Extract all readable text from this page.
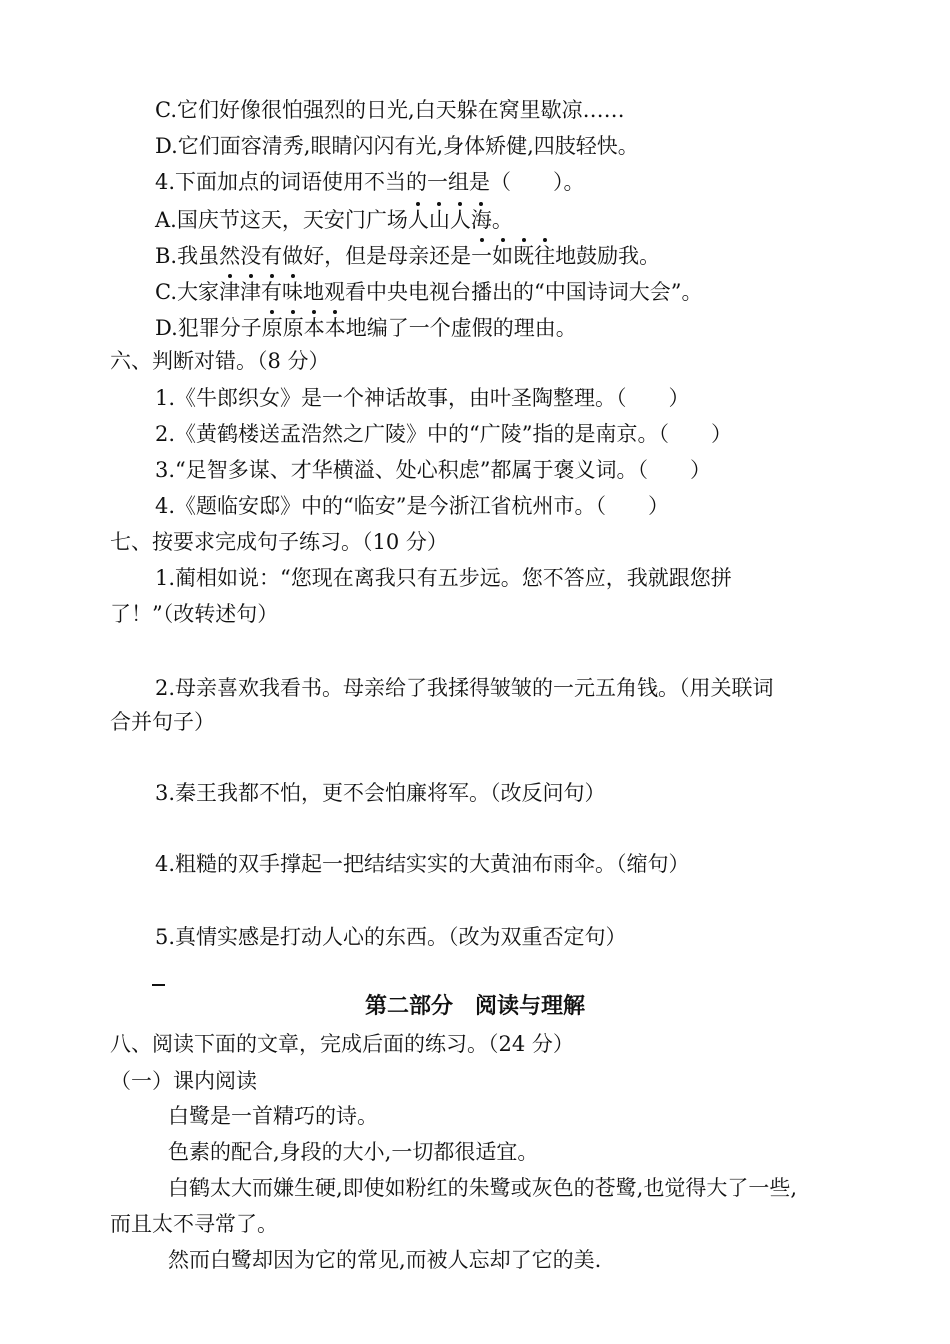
C.它们好像很怕强烈的日光,白天躲在窝里歇凉……
D.它们面容清秀,眼睛闪闪有光,身体矫健,四肢轻快。
4.下面加点的词语使用不当的一组是（　　）。
A.国庆节这天，天安门广场人山人海。
B.我虽然没有做好，但是母亲还是一如既往地鼓励我。
C.大家津津有味地观看中央电视台播出的“中国诗词大会”。
D.犯罪分子原原本本地编了一个虚假的理由。
六、判断对错。（8 分）
1.《牛郎织女》是一个神话故事，由叶圣陶整理。（　　）
2.《黄鹤楼送孟浩然之广陵》中的“广陵”指的是南京。（　　）
3.“足智多谋、才华横溢、处心积虑”都属于褒义词。（　　）
4.《题临安邸》中的“临安”是今浙江省杭州市。（　　）
七、按要求完成句子练习。（10 分）
1.蔺相如说：“您现在离我只有五步远。您不答应，我就跟您拼
了！”（改转述句）
2.母亲喜欢我看书。母亲给了我揉得皱皱的一元五角钱。（用关联词
合并句子）
3.秦王我都不怕，更不会怕廉将军。（改反问句）
4.粗糙的双手撑起一把结结实实的大黄油布雨伞。（缩句）
5.真情实感是打动人心的东西。（改为双重否定句）
第二部分　阅读与理解
八、阅读下面的文章，完成后面的练习。（24 分）
（一）课内阅读
白鹭是一首精巧的诗。
色素的配合,身段的大小,一切都很适宜。
白鹤太大而嫌生硬,即使如粉红的朱鹭或灰色的苍鹭,也觉得大了一些,
而且太不寻常了。
然而白鹭却因为它的常见,而被人忘却了它的美.
